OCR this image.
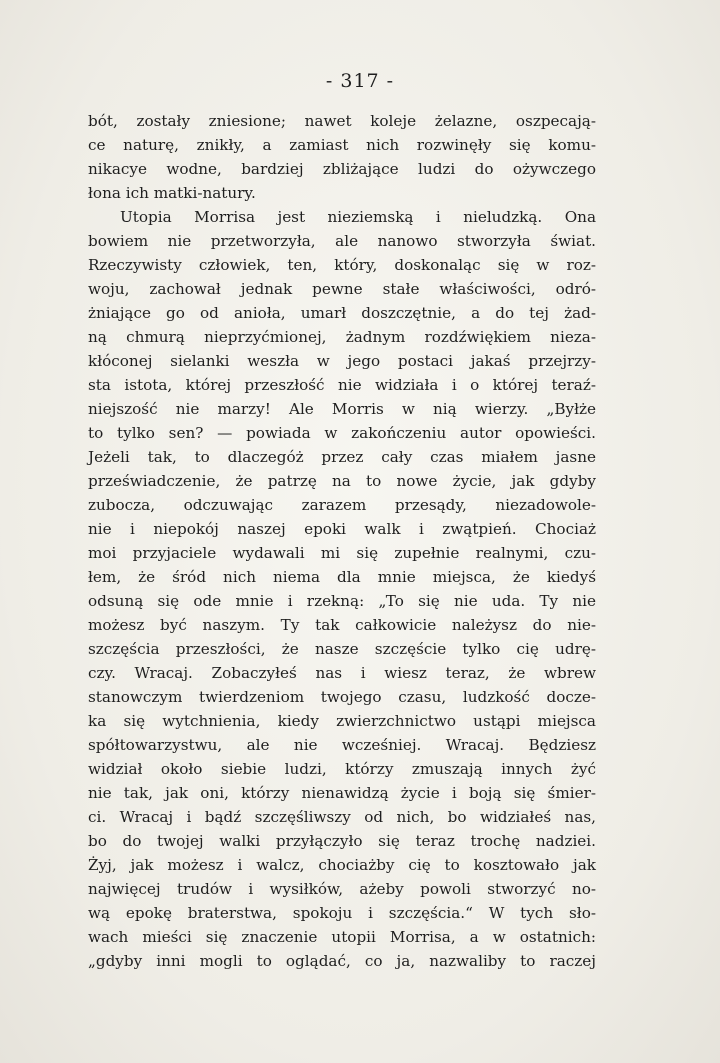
- 317 -
bót, zostały zniesione; nawet koleje żelazne, oszpecają-
ce naturę, znikły, a zamiast nich rozwinęły się komu-
nikacye wodne, bardziej zbliżające ludzi do ożywczego
łona ich matki-natury.
Utopia Morrisa jest nieziemską i nieludzką. Ona
bowiem nie przetworzyła, ale nanowo stworzyła świat.
Rzeczywisty człowiek, ten, który, doskonaląc się w roz-
woju, zachował jednak pewne stałe właściwości, odró-
żniające go od anioła, umarł doszczętnie, a do tej żad-
ną chmurą nieprzyćmionej, żadnym rozdźwiękiem nieza-
kłóconej sielanki weszła w jego postaci jakaś przejrzy-
sta istota, której przeszłość nie widziała i o której teraź-
niejszość nie marzy! Ale Morris w nią wierzy. „Byłże
to tylko sen? — powiada w zakończeniu autor opowieści.
Jeżeli tak, to dlaczegóż przez cały czas miałem jasne
przeświadczenie, że patrzę na to nowe życie, jak gdyby
zubocza, odczuwając zarazem przesądy, niezadowole-
nie i niepokój naszej epoki walk i zwątpień. Chociaż
moi przyjaciele wydawali mi się zupełnie realnymi, czu-
łem, że śród nich niema dla mnie miejsca, że kiedyś
odsuną się ode mnie i rzekną: „To się nie uda. Ty nie
możesz być naszym. Ty tak całkowicie należysz do nie-
szczęścia przeszłości, że nasze szczęście tylko cię udrę-
czy. Wracaj. Zobaczyłeś nas i wiesz teraz, że wbrew
stanowczym twierdzeniom twojego czasu, ludzkość docze-
ka się wytchnienia, kiedy zwierzchnictwo ustąpi miejsca
spółtowarzystwu, ale nie wcześniej. Wracaj. Będziesz
widział około siebie ludzi, którzy zmuszają innych żyć
nie tak, jak oni, którzy nienawidzą życie i boją się śmier-
ci. Wracaj i bądź szczęśliwszy od nich, bo widziałeś nas,
bo do twojej walki przyłączyło się teraz trochę nadziei.
Żyj, jak możesz i walcz, chociażby cię to kosztowało jak
najwięcej trudów i wysiłków, ażeby powoli stworzyć no-
wą epokę braterstwa, spokoju i szczęścia.“ W tych sło-
wach mieści się znaczenie utopii Morrisa, a w ostatnich:
„gdyby inni mogli to oglądać, co ja, nazwaliby to raczej
